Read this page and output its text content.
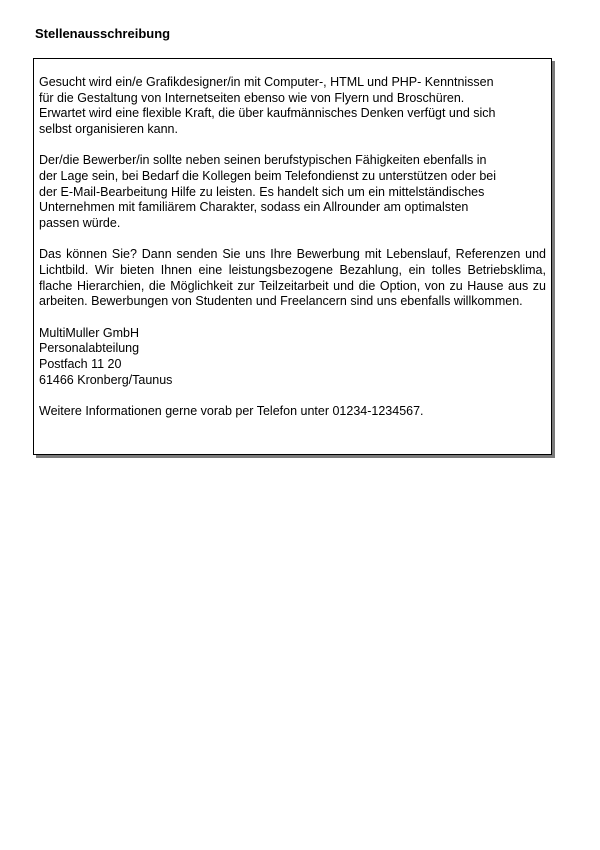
Stellenausschreibung

Gesucht wird ein/e Grafikdesigner/in mit Computer-, HTML und PHP- Kenntnissen
für die Gestaltung von Internetseiten ebenso wie von Flyern und Broschüren.
Erwartet wird eine flexible Kraft, die über kaufmännisches Denken verfügt und sich
selbst organisieren kann.

Der/die Bewerber/in sollte neben seinen berufstypischen Fähigkeiten ebenfalls in
der Lage sein, bei Bedarf die Kollegen beim Telefondienst zu unterstützen oder bei
der E-Mail-Bearbeitung Hilfe zu leisten. Es handelt sich um ein mittelständisches
Unternehmen mit familiärem Charakter, sodass ein Allrounder am optimalsten
passen würde.

Das können Sie? Dann senden Sie uns Ihre Bewerbung mit Lebenslauf, Referenzen und Lichtbild. Wir bieten Ihnen eine leistungsbezogene Bezahlung, ein tolles Betriebsklima, flache Hierarchien, die Möglichkeit zur Teilzeitarbeit und die Option, von zu Hause aus zu arbeiten. Bewerbungen von Studenten und Freelancern sind uns ebenfalls willkommen.

MultiMuller GmbH
Personalabteilung
Postfach 11 20
61466 Kronberg/Taunus

Weitere Informationen gerne vorab per Telefon unter 01234-1234567.
